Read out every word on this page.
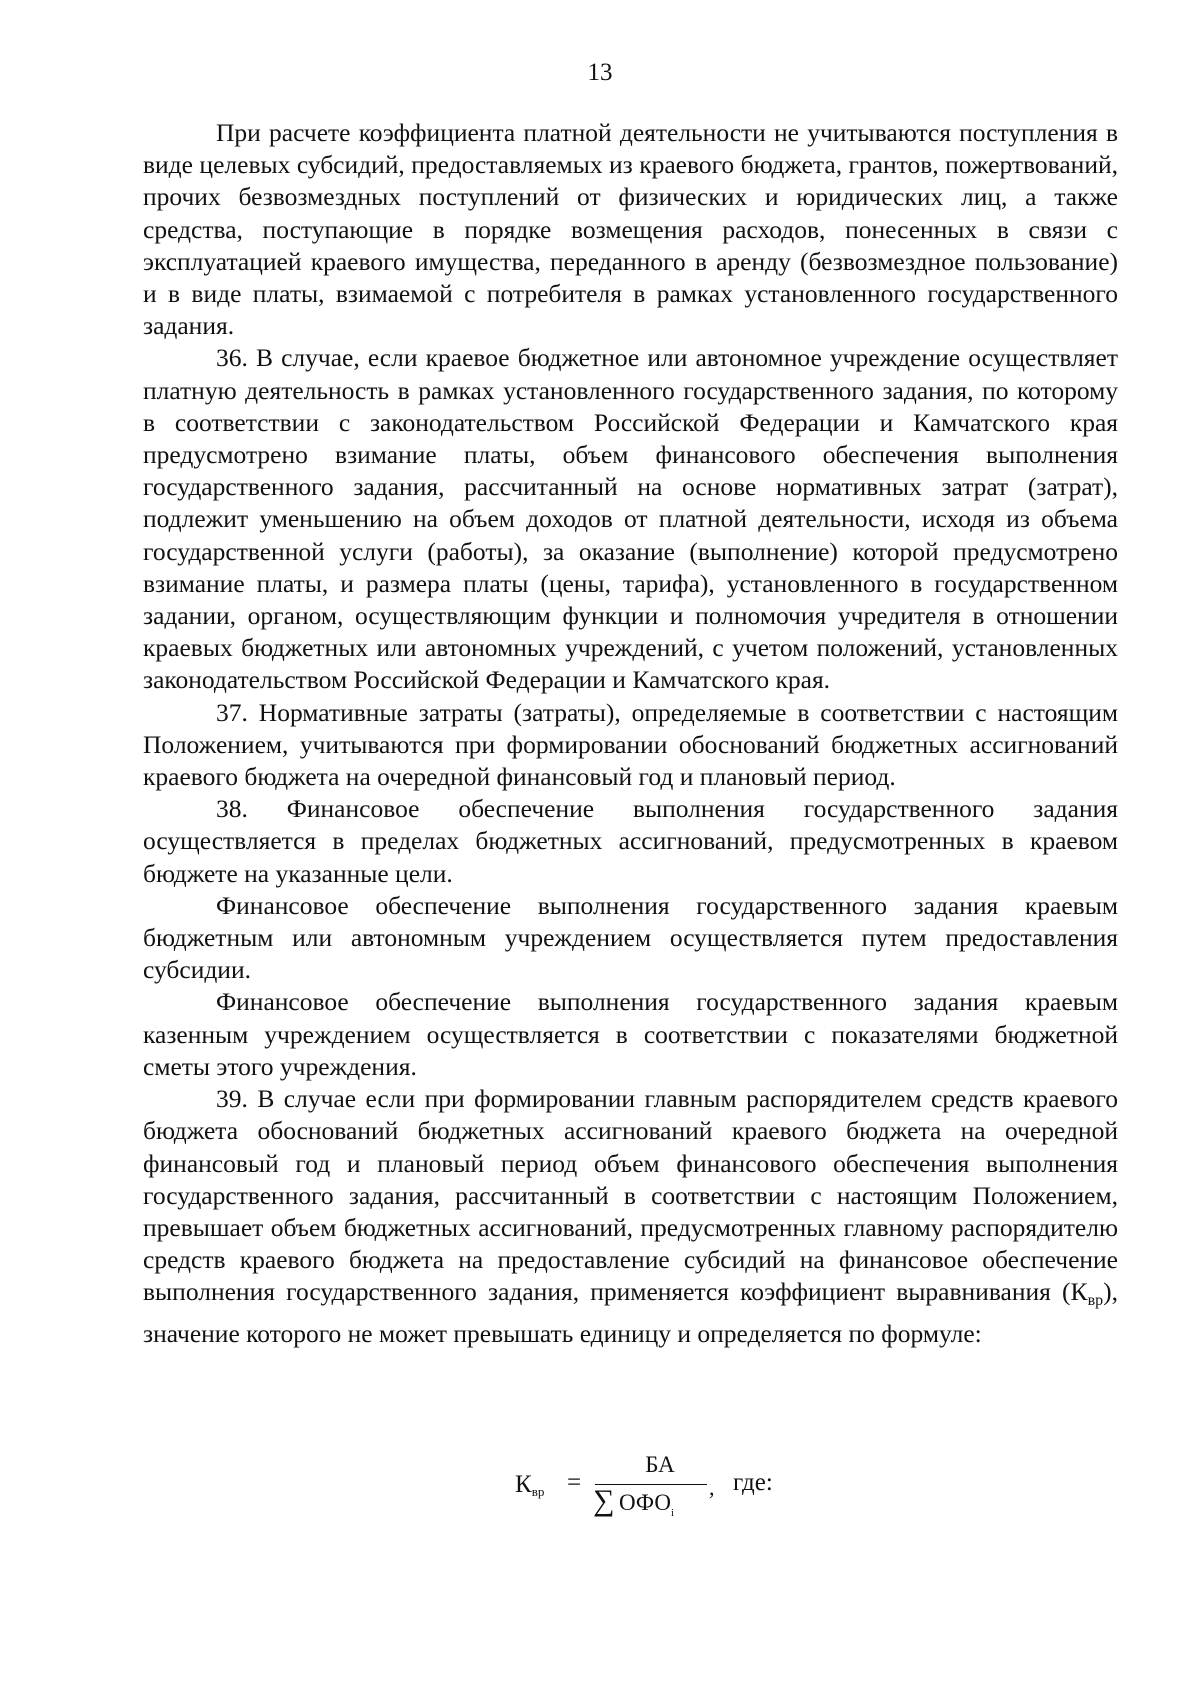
13

При расчете коэффициента платной деятельности не учитываются поступления в виде целевых субсидий, предоставляемых из краевого бюджета, грантов, пожертвований, прочих безвозмездных поступлений от физических и юридических лиц, а также средства, поступающие в порядке возмещения расходов, понесенных в связи с эксплуатацией краевого имущества, переданного в аренду (безвозмездное пользование) и в виде платы, взимаемой с потребителя в рамках установленного государственного задания.

36. В случае, если краевое бюджетное или автономное учреждение осуществляет платную деятельность в рамках установленного государственного задания, по которому в соответствии с законодательством Российской Федерации и Камчатского края предусмотрено взимание платы, объем финансового обеспечения выполнения государственного задания, рассчитанный на основе нормативных затрат (затрат), подлежит уменьшению на объем доходов от платной деятельности, исходя из объема государственной услуги (работы), за оказание (выполнение) которой предусмотрено взимание платы, и размера платы (цены, тарифа), установленного в государственном задании, органом, осуществляющим функции и полномочия учредителя в отношении краевых бюджетных или автономных учреждений, с учетом положений, установленных законодательством Российской Федерации и Камчатского края.

37. Нормативные затраты (затраты), определяемые в соответствии с настоящим Положением, учитываются при формировании обоснований бюджетных ассигнований краевого бюджета на очередной финансовый год и плановый период.

38. Финансовое обеспечение выполнения государственного задания осуществляется в пределах бюджетных ассигнований, предусмотренных в краевом бюджете на указанные цели.

Финансовое обеспечение выполнения государственного задания краевым бюджетным или автономным учреждением осуществляется путем предоставления субсидии.

Финансовое обеспечение выполнения государственного задания краевым казенным учреждением осуществляется в соответствии с показателями бюджетной сметы этого учреждения.

39. В случае если при формировании главным распорядителем средств краевого бюджета обоснований бюджетных ассигнований краевого бюджета на очередной финансовый год и плановый период объем финансового обеспечения выполнения государственного задания, рассчитанный в соответствии с настоящим Положением, превышает объем бюджетных ассигнований, предусмотренных главному распорядителю средств краевого бюджета на предоставление субсидий на финансовое обеспечение выполнения государственного задания, применяется коэффициент выравнивания (Квр), значение которого не может превышать единицу и определяется по формуле:

$К_{вр}$ =
БА
∑ $ОФО_i$
, где:
